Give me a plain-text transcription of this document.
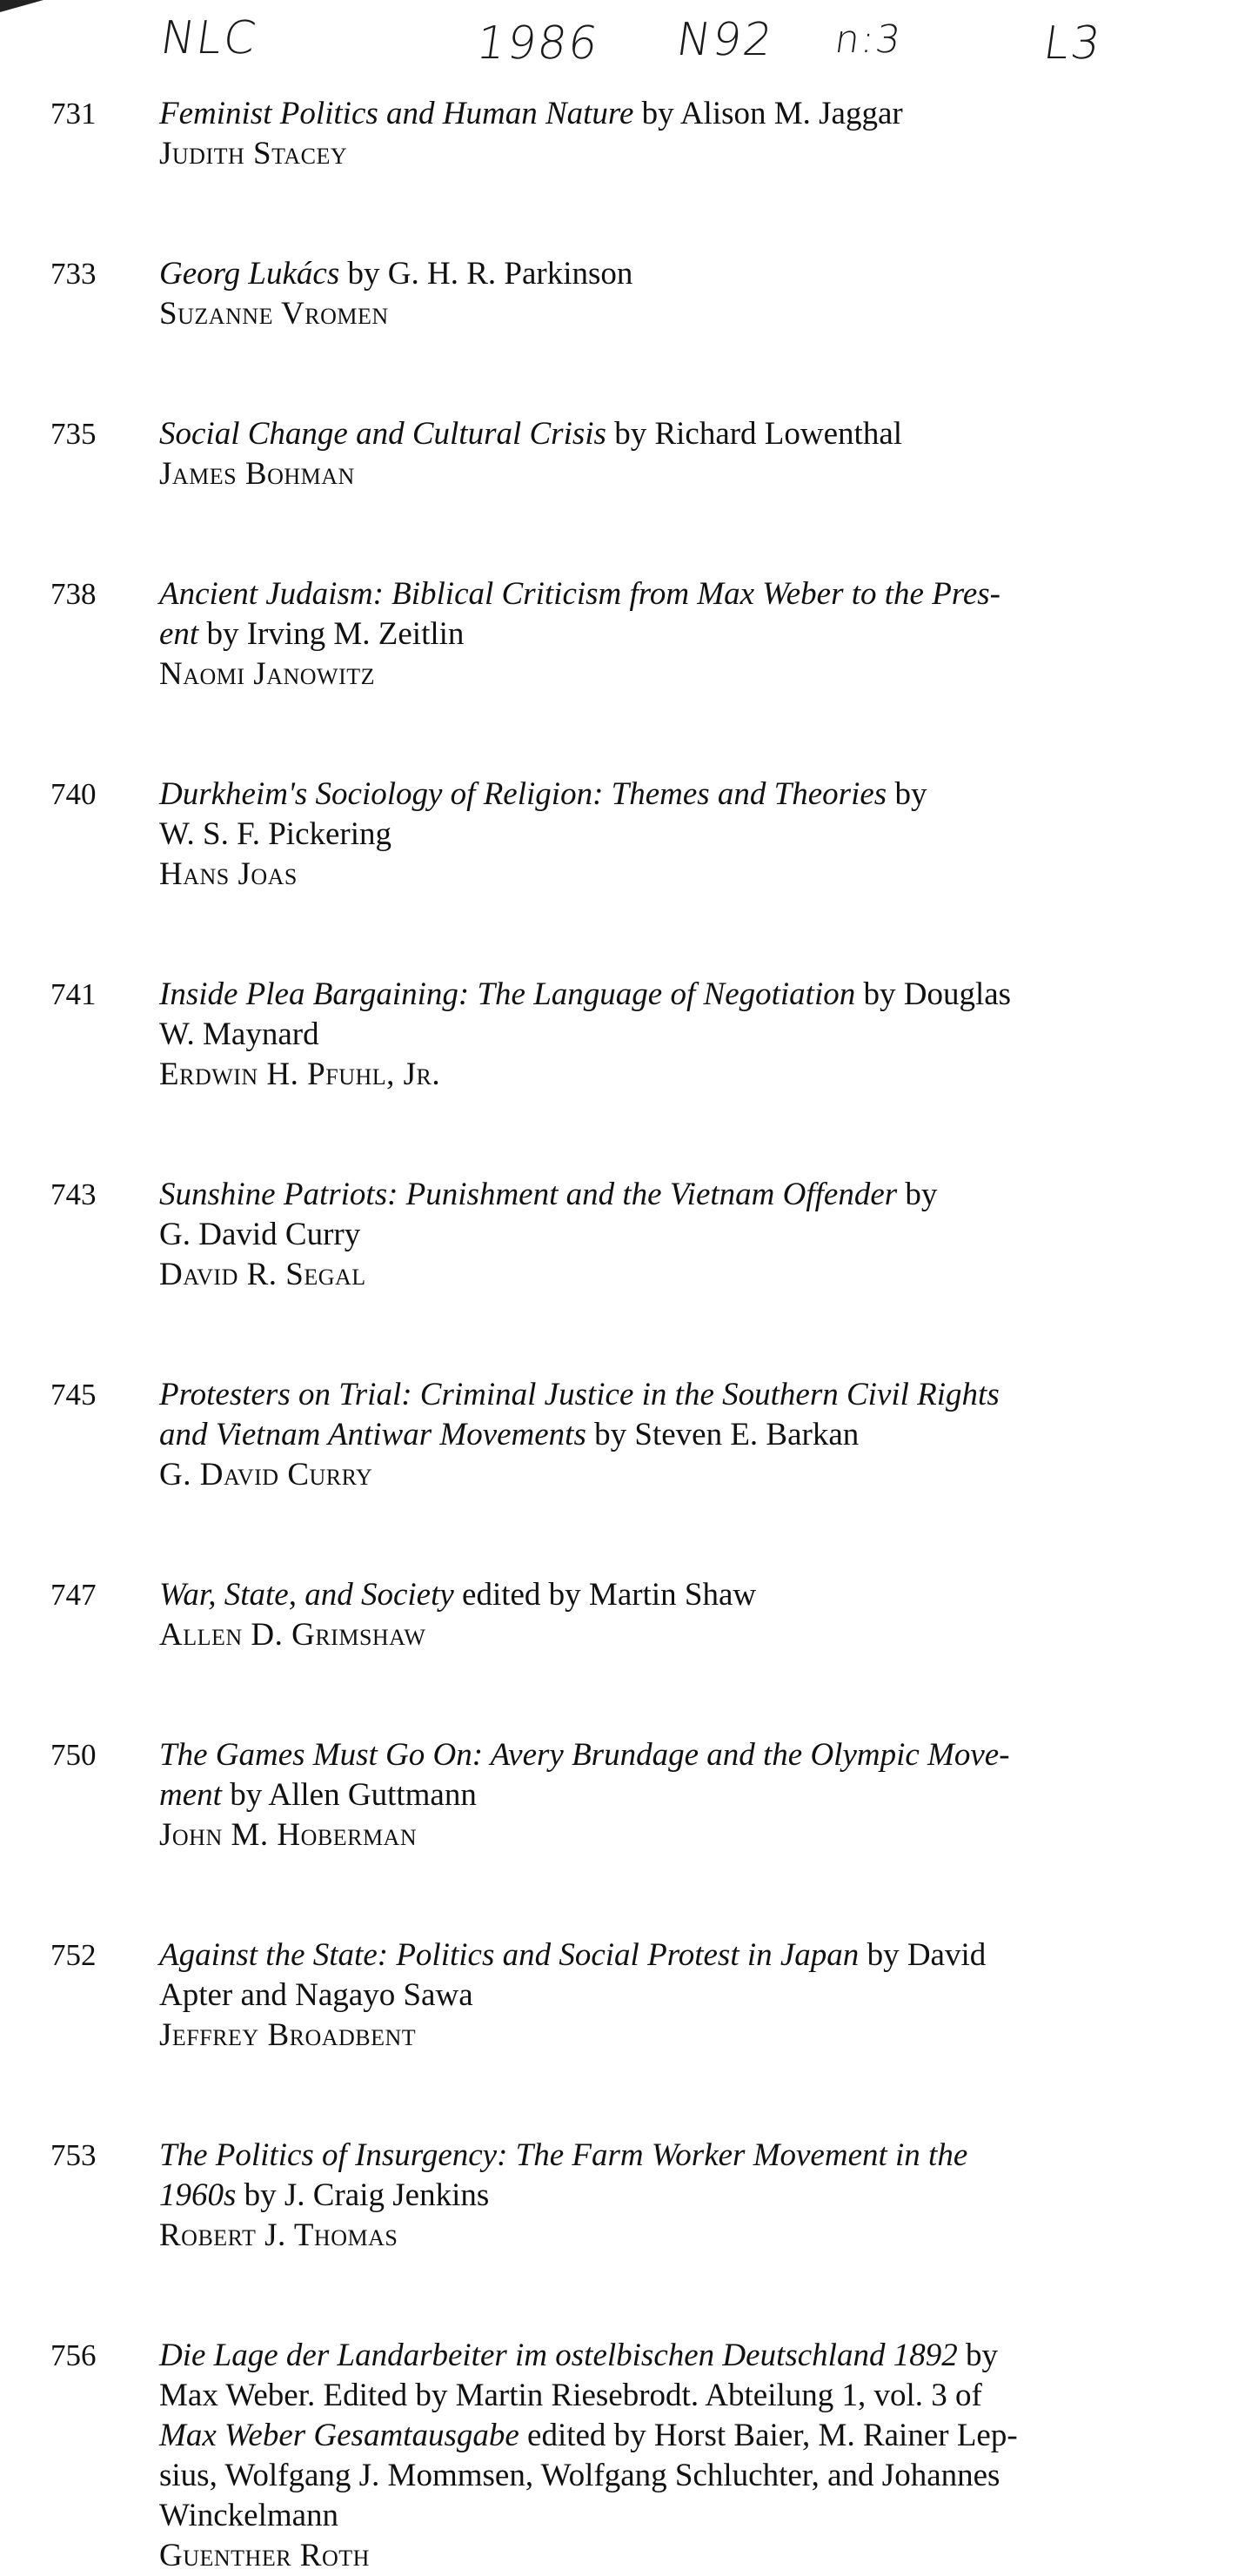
NLC	1986 N92 n:3	L3
731	Feminist Politics and Human Nature by Alison M. Jaggar
Judith Stacey
733	Georg Lukács by G. H. R. Parkinson
Suzanne Vromen
735	Social Change and Cultural Crisis by Richard Lowenthal
James Bohman
738	Ancient Judaism: Biblical Criticism from Max Weber to the Pres-
ent by Irving M. Zeitlin
Naomi Janowitz
740	Durkheim's Sociology of Religion: Themes and Theories by
W. S. F. Pickering
Hans Joas
741	Inside Plea Bargaining: The Language of Negotiation by Douglas
W. Maynard
Erdwin H. Pfuhl, Jr.
743	Sunshine Patriots: Punishment and the Vietnam Offender by
G. David Curry
David R. Segal
745	Protesters on Trial: Criminal Justice in the Southern Civil Rights
and Vietnam Antiwar Movements by Steven E. Barkan
G. David Curry
747	War, State, and Society edited by Martin Shaw
Allen D. Grimshaw
750	The Games Must Go On: Avery Brundage and the Olympic Move-
ment by Allen Guttmann
John M. Hoberman
752	Against the State: Politics and Social Protest in Japan by David
Apter and Nagayo Sawa
Jeffrey Broadbent
753	The Politics of Insurgency: The Farm Worker Movement in the
1960s by J. Craig Jenkins
Robert J. Thomas
756	Die Lage der Landarbeiter im ostelbischen Deutschland 1892 by
Max Weber. Edited by Martin Riesebrodt. Abteilung 1, vol. 3 of
Max Weber Gesamtausgabe edited by Horst Baier, M. Rainer Lep-
sius, Wolfgang J. Mommsen, Wolfgang Schluchter, and Johannes
Winckelmann
Guenther Roth
